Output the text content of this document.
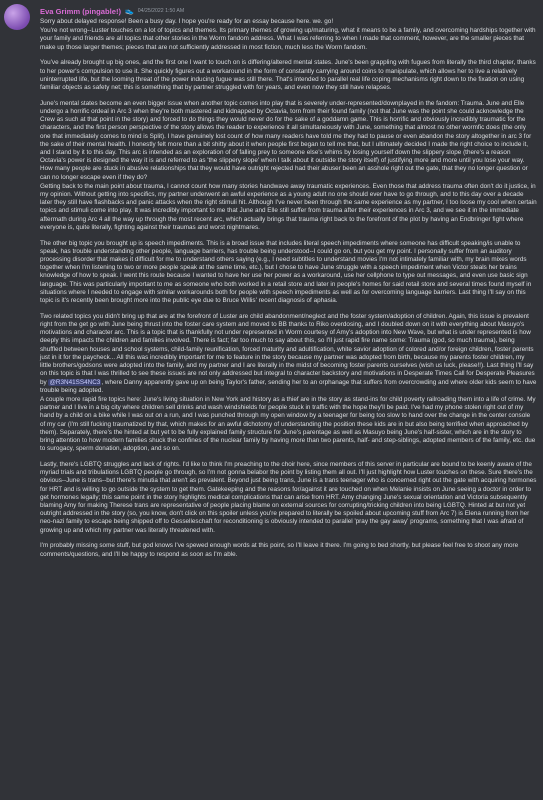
Eva Grimm (pingable!) 👟 04/25/2022 1:50 AM

Sorry about delayed response! Been a busy day. I hope you're ready for an essay because here. we. go!

You're not wrong--Luster touches on a lot of topics and themes. Its primary themes of growing up/maturing, what it means to be a family, and overcoming hardships together with your family and friends are all topics that other stories in the Worm fandom address. What I was referring to when I made that comment, however, are the smaller pieces that make up those larger themes; pieces that are not sufficiently addressed in most fiction, much less the Worm fandom.

You've already brought up big ones, and the first one I want to touch on is differing/altered mental states. June's been grappling with fugues from literally the third chapter, thanks to her power's compulsion to use it. She quickly figures out a workaround in the form of constantly carrying around coins to manipulate, which allows her to live a relatively uninterrupted life, but the looming threat of the power inducing fugue was still there. That's intended to parallel real life coping mechanisms right down to the fixation on using familiar objects as safety net; this is something that by partner struggled with for years, and even now they still have relapses.

June's mental states become an even bigger issue when another topic comes into play that is severely under-represented/downplayed in the fandom: Trauma. June and Elle undergo a horrific ordeal in Arc 3 when they're both mastered and kidnapped by Octavia, torn from their found family (not that June was the point she could acknowledge the Crew as such at that point in the story) and forced to do things they would never do for the sake of a goddamn game. This is horrific and obviously incredibly traumatic for the characters, and the first person perspective of the story allows the reader to experience it all simultaneously with June, something that almost no other wormfic does (the only one that immediately comes to mind is Split). I have genuinely lost count of how many readers have told me they had to pause or even abandon the story altogether in arc 3 for the sake of their mental health. I honestly felt more than a bit shitty about it when people first began to tell me that, but I ultimately decided I made the right choice to include it, and I stand by it to this day. This arc is intended as an exploration of of falling prey to someone else's whims by losing yourself down the slippery slope (there's a reason Octavia's power is designed the way it is and referred to as 'the slippery slope' when I talk about it outside the story itself) of justifying more and more until you lose your way. How many people are stuck in abusive relationships that they would have outright rejected had their abuser been an asshole right out the gate, that they no longer question or can no longer escape even if they do?

Getting back to the main point about trauma, I cannot count how many stories handwave away traumatic experiences. Even those that address trauma often don't do it justice, in my opinion. Without getting into specifics, my partner underwent an awful experience as a young adult no one should ever have to go through, and to this day over a decade later they still have flashbacks and panic attacks when the right stimuli hit. Although I've never been through the same experience as my partner, I too loose my cool when certain topics and stimuli come into play. It was incredibly important to me that June and Elle still suffer from trauma after their experiences in Arc 3, and we see it in the immediate aftermath during Arc 4 all the way up through the most recent arc, which actually brings that trauma right back to the forefront of the plot by having an Endbringer fight where everyone is, quite literally, fighting against their traumas and worst nightmares.

The other big topic you brought up is speech impediments. This is a broad issue that includes literal speech impediments where someone has difficult speaking/is unable to speak, has trouble understanding other people, language barriers, has trouble being understood--I could go on, but you get my point. I personally suffer from an auditory processing disorder that makes it difficult for me to understand others saying (e.g., I need subtitles to understand movies I'm not intimately familiar with, my brain mixes words together when I'm listening to two or more people speak at the same time, etc.), but I chose to have June struggle with a speech impediment when Victor steals her brains knowledge of how to speak. I went this route because I wanted to have her use her power as a workaround, use her cellphone to type out messages, and even use basic sign language. This was particularly important to me as someone who both worked in a retail store and later in people's homes for said retail store and several times found myself in situations where I needed to engage with similar workarounds both for people with speech impediments as well as for overcoming language barriers. Last thing I'll say on this topic is it's recently been brought more into the public eye due to Bruce Willis' recent diagnosis of aphasia.

Two related topics you didn't bring up that are at the forefront of Luster are child abandonment/neglect and the foster system/adoption of children. Again, this issue is prevalent right from the get go with June being thrust into the foster care system and moved to BB thanks to Riko overdosing, and I doubled down on it with everything about Masuyo's motivations and character arc. This is a topic that is thankfully not under represented in Worm courtesy of Amy's adoption into New Wave, but what is under represented is how deeply this impacts the children and families involved. There is fact; far too much to say about this, so I'll just rapid fire name some: Trauma (god, so much trauma), being shuffled between houses and school systems, child-family reunification, forced maturity and adultification, white savior adoption of colored and/or foreign children, foster parents just in it for the paycheck... All this was incredibly important for me to feature in the story because my partner was adopted from birth, because my parents foster children, my little brothers/godsons were adopted into the family, and my partner and I are literally in the midst of becoming foster parents ourselves (wish us luck, please!!). Last thing I'll say on this topic is that I was thrilled to see these issues are not only addressed but integral to character backstory and motivations in Desperate Times Call for Desperate Pleasures by @R3N41SS4NC3, where Danny apparently gave up on being Taylor's father, sending her to an orphanage that suffers from overcrowding and where older kids seem to have trouble being adopted.

A couple more rapid fire topics here: June's living situation in New York and history as a thief are in the story as stand-ins for child poverty railroading them into a life of crime. My partner and I live in a big city where children sell drinks and wash windshields for people stuck in traffic with the hope they'll be paid. I've had my phone stolen right out of my hand by a child on a bike while I was out on a run, and I was punched through my open window by a teenager for being too slow to hand over the change in the center console of my car (I'm still fucking traumatized by that, which makes for an awful dichotomy of understanding the position these kids are in but also being terrified when approached by them). Separately, there's the hinted at but yet to be fully explained family structure for June's parentage as well as Masuyo being June's half-sister, which are in the story to bring attention to how modern families shuck the confines of the nuclear family by having more than two parents, half- and step-siblings, adopted members of the family, etc. due to surogacy, sperm donation, adoption, and so on.

Lastly, there's LGBTQ struggles and lack of rights. I'd like to think I'm preaching to the choir here, since members of this server in particular are bound to be keenly aware of the myriad trials and tribulations LGBTQ people go through, so I'm not gonna belabor the point by listing them all out. I'll just highlight how Luster touches on these. Sure there's the obvious--June is trans--but there's minutia that aren't as prevalent. Beyond just being trans, June is a trans teenager who is concerned right out the gate with acquiring hormones for HRT and is willing to go outside the system to get them. Gatekeeping and the reasons for/against it are touched on when Melanie insists on June seeing a doctor in order to get hormones legally; this same point in the story highlights medical complications that can arise from HRT. Amy changing June's sexual orientation and Victoria subsequently blaming Amy for making Therese trans are representative of people placing blame on external sources for corrupting/tricking children into being LGBTQ. Hinted at but not yet outright addressed in the story (so, you know, don't click on this spoiler unless you're prepared to literally be spoiled about upcoming stuff from Arc 7) is Elena running from her neo-nazi family to escape being shipped off to Gesselleschaft for reconditioning is obviously intended to parallel 'pray the gay away' programs, something that I was afraid of growing up and which my partner was literally threatened with.

I'm probably missing some stuff, but god knows I've spewed enough words at this point, so I'll leave it there. I'm going to bed shortly, but please feel free to shoot any more comments/questions, and I'll be happy to respond as soon as I'm able.
